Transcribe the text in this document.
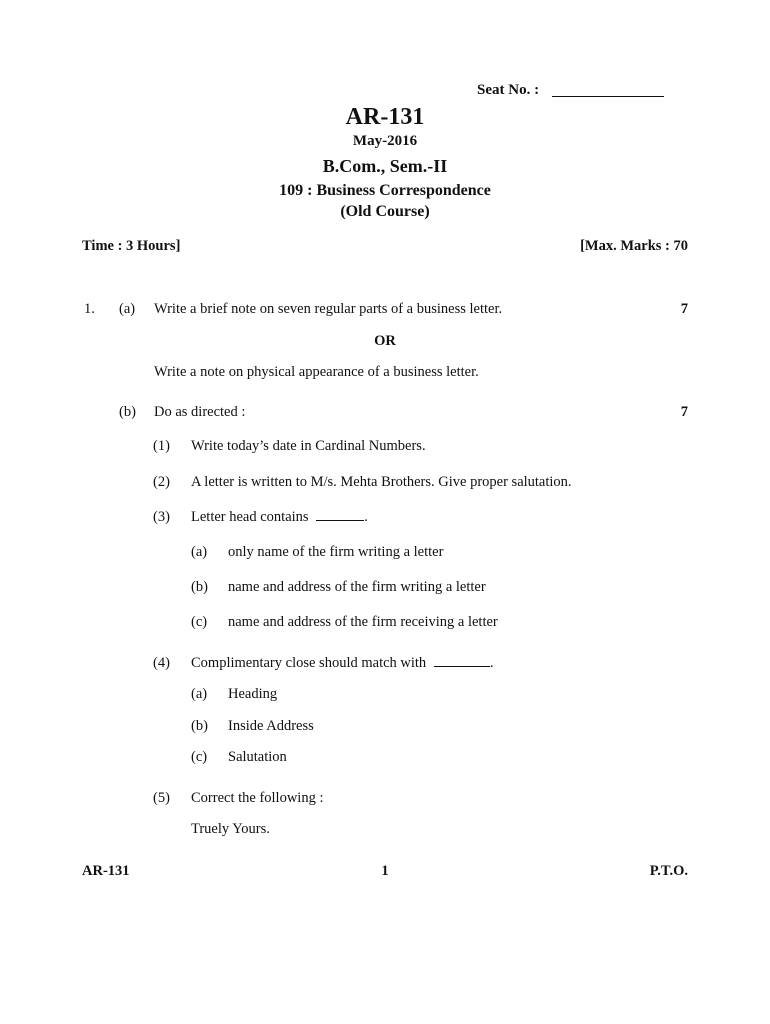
Seat No. :
AR-131
May-2016
B.Com., Sem.-II
109 : Business Correspondence
(Old Course)
Time : 3 Hours]	[Max. Marks : 70
1. (a) Write a brief note on seven regular parts of a business letter.	7
OR
Write a note on physical appearance of a business letter.
(b) Do as directed :	7
(1) Write today’s date in Cardinal Numbers.
(2) A letter is written to M/s. Mehta Brothers. Give proper salutation.
(3) Letter head contains	.
(a) only name of the firm writing a letter
(b) name and address of the firm writing a letter
(c) name and address of the firm receiving a letter
(4) Complimentary close should match with	.
(a) Heading
(b) Inside Address
(c) Salutation
(5) Correct the following :
Truely Yours.
AR-131	1	P.T.O.
